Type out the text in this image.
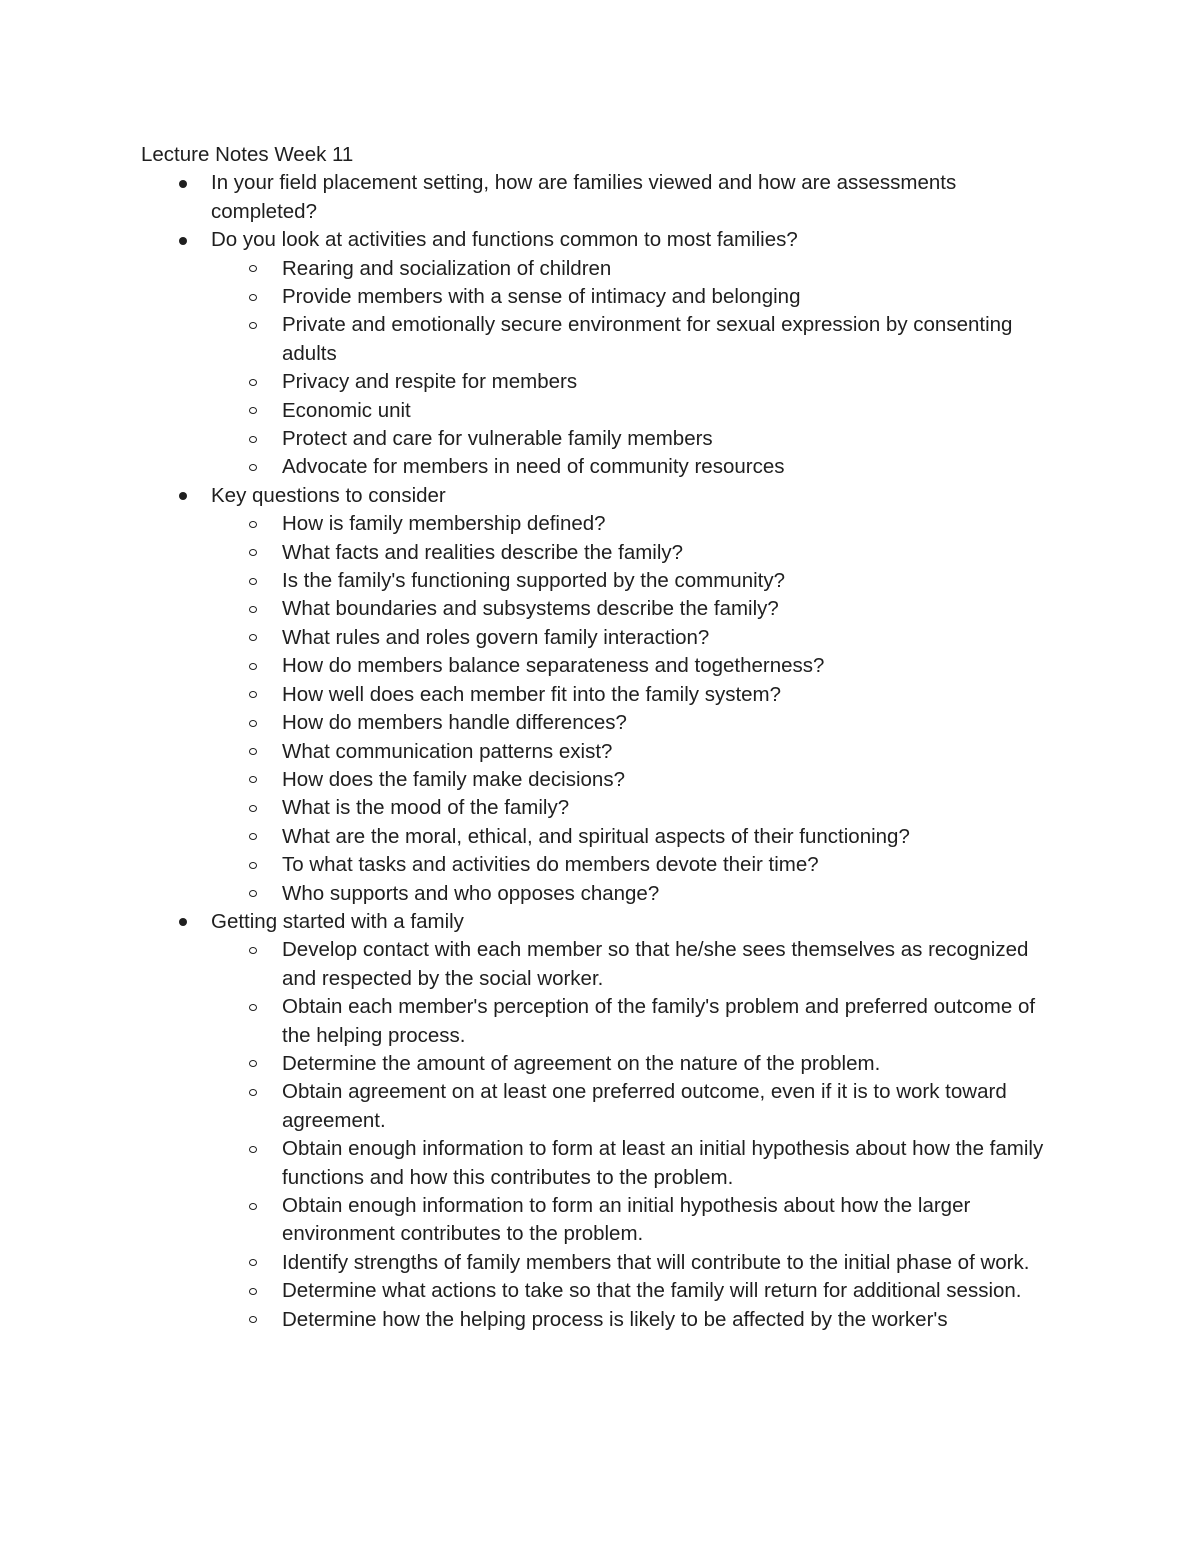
Lecture Notes Week 11
In your field placement setting, how are families viewed and how are assessments completed?
Do you look at activities and functions common to most families?
Rearing and socialization of children
Provide members with a sense of intimacy and belonging
Private and emotionally secure environment for sexual expression by consenting adults
Privacy and respite for members
Economic unit
Protect and care for vulnerable family members
Advocate for members in need of community resources
Key questions to consider
How is family membership defined?
What facts and realities describe the family?
Is the family's functioning supported by the community?
What boundaries and subsystems describe the family?
What rules and roles govern family interaction?
How do members balance separateness and togetherness?
How well does each member fit into the family system?
How do members handle differences?
What communication patterns exist?
How does the family make decisions?
What is the mood of the family?
What are the moral, ethical, and spiritual aspects of their functioning?
To what tasks and activities do members devote their time?
Who supports and who opposes change?
Getting started with a family
Develop contact with each member so that he/she sees themselves as recognized and respected by the social worker.
Obtain each member's perception of the family's problem and preferred outcome of the helping process.
Determine the amount of agreement on the nature of the problem.
Obtain agreement on at least one preferred outcome, even if it is to work toward agreement.
Obtain enough information to form at least an initial hypothesis about how the family functions and how this contributes to the problem.
Obtain enough information to form an initial hypothesis about how the larger environment contributes to the problem.
Identify strengths of family members that will contribute to the initial phase of work.
Determine what actions to take so that the family will return for additional session.
Determine how the helping process is likely to be affected by the worker's
